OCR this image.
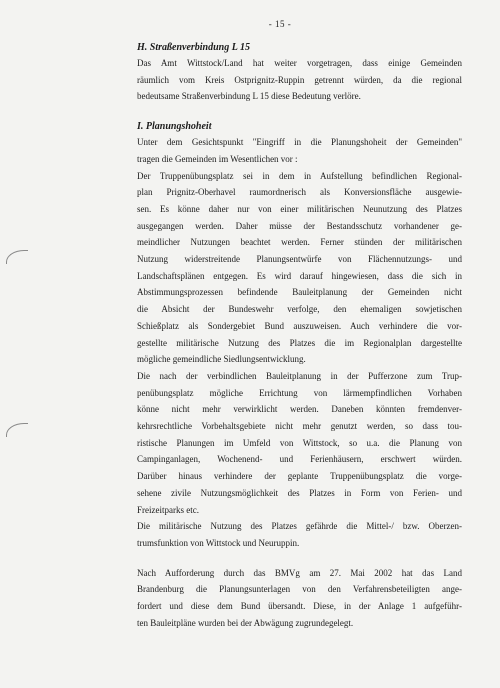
- 15 -

H. Straßenverbindung L 15

Das Amt Wittstock/Land hat weiter vorgetragen, dass einige Gemeinden
räumlich vom Kreis Ostprignitz-Ruppin getrennt würden, da die regional
bedeutsame Straßenverbindung L 15 diese Bedeutung verlöre.

I. Planungshoheit

Unter dem Gesichtspunkt "Eingriff in die Planungshoheit der Gemeinden"
tragen die Gemeinden im Wesentlichen vor :
Der Truppenübungsplatz sei in dem in Aufstellung befindlichen Regional-
plan Prignitz-Oberhavel raumordnerisch als Konversionsfläche ausgewie-
sen. Es könne daher nur von einer militärischen Neunutzung des Platzes
ausgegangen werden. Daher müsse der Bestandsschutz vorhandener ge-
meindlicher Nutzungen beachtet werden. Ferner stünden der militärischen
Nutzung widerstreitende Planungsentwürfe von Flächennutzungs- und
Landschaftsplänen entgegen. Es wird darauf hingewiesen, dass die sich in
Abstimmungsprozessen befindende Bauleitplanung der Gemeinden nicht
die Absicht der Bundeswehr verfolge, den ehemaligen sowjetischen
Schießplatz als Sondergebiet Bund auszuweisen. Auch verhindere die vor-
gestellte militärische Nutzung des Platzes die im Regionalplan dargestellte
mögliche gemeindliche Siedlungsentwicklung.
Die nach der verbindlichen Bauleitplanung in der Pufferzone zum Trup-
penübungsplatz mögliche Errichtung von lärmempfindlichen Vorhaben
könne nicht mehr verwirklicht werden. Daneben könnten fremdenver-
kehrsrechtliche Vorbehaltsgebiete nicht mehr genutzt werden, so dass tou-
ristische Planungen im Umfeld von Wittstock, so u.a. die Planung von
Campinganlagen, Wochenend- und Ferienhäusern, erschwert würden.
Darüber hinaus verhindere der geplante Truppenübungsplatz die vorge-
sehene zivile Nutzungsmöglichkeit des Platzes in Form von Ferien- und
Freizeitparks etc.
Die militärische Nutzung des Platzes gefährde die Mittel-/ bzw. Oberzen-
trumsfunktion von Wittstock und Neuruppin.
Nach Aufforderung durch das BMVg am 27. Mai 2002 hat das Land
Brandenburg die Planungsunterlagen von den Verfahrensbeteiligten ange-
fordert und diese dem Bund übersandt. Diese, in der Anlage 1 aufgeführ-
ten Bauleitpläne wurden bei der Abwägung zugrundegelegt.
